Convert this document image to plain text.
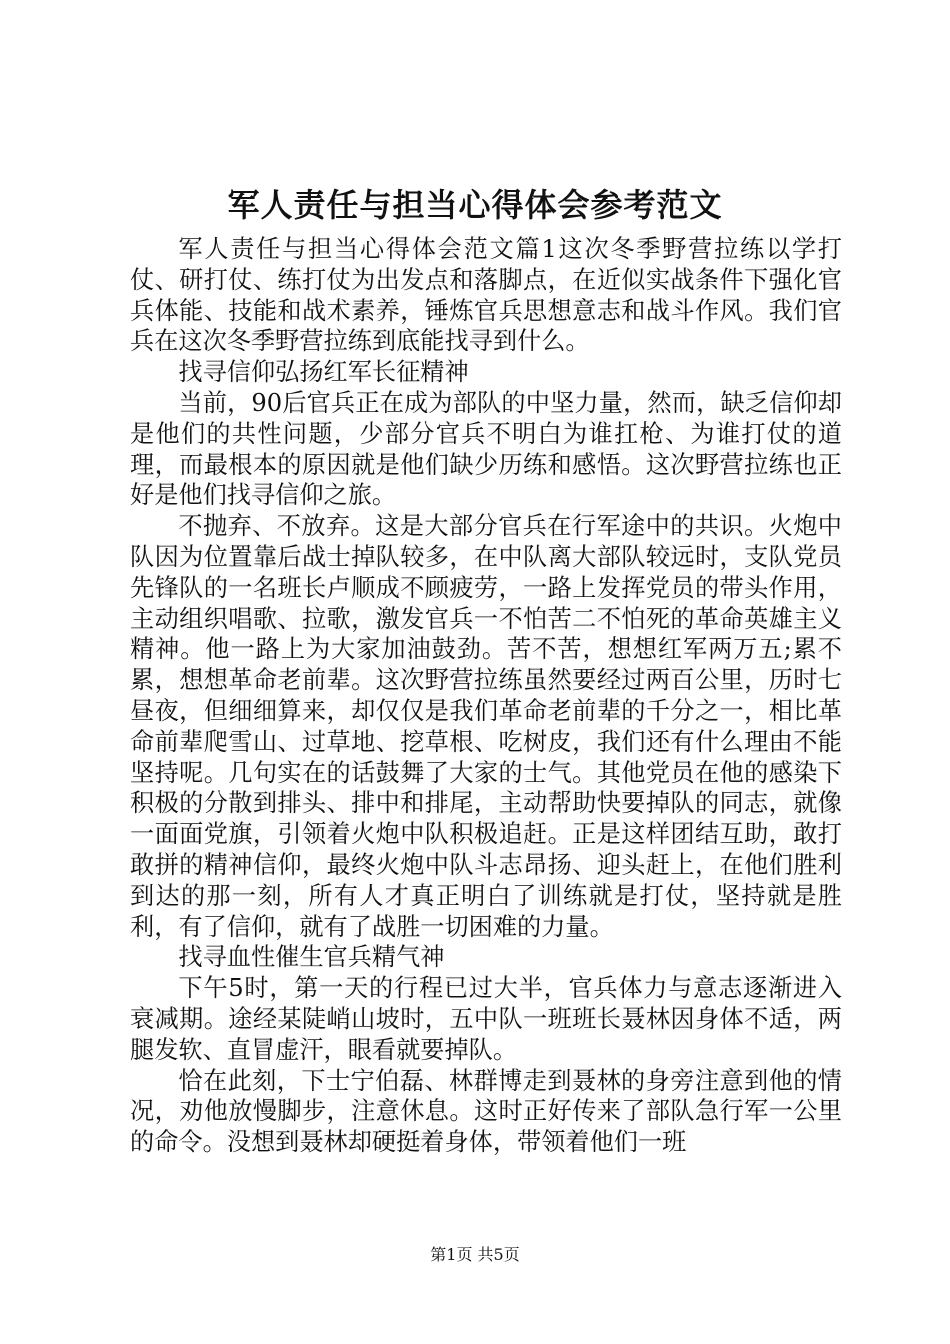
军人责任与担当心得体会参考范文

军人责任与担当心得体会范文篇1这次冬季野营拉练以学打仗、研打仗、练打仗为出发点和落脚点，在近似实战条件下强化官兵体能、技能和战术素养，锤炼官兵思想意志和战斗作风。我们官兵在这次冬季野营拉练到底能找寻到什么。

找寻信仰弘扬红军长征精神

当前，90后官兵正在成为部队的中坚力量，然而，缺乏信仰却是他们的共性问题，少部分官兵不明白为谁扛枪、为谁打仗的道理，而最根本的原因就是他们缺少历练和感悟。这次野营拉练也正好是他们找寻信仰之旅。

不抛弃、不放弃。这是大部分官兵在行军途中的共识。火炮中队因为位置靠后战士掉队较多，在中队离大部队较远时，支队党员先锋队的一名班长卢顺成不顾疲劳，一路上发挥党员的带头作用，主动组织唱歌、拉歌，激发官兵一不怕苦二不怕死的革命英雄主义精神。他一路上为大家加油鼓劲。苦不苦，想想红军两万五;累不累，想想革命老前辈。这次野营拉练虽然要经过两百公里，历时七昼夜，但细细算来，却仅仅是我们革命老前辈的千分之一，相比革命前辈爬雪山、过草地、挖草根、吃树皮，我们还有什么理由不能坚持呢。几句实在的话鼓舞了大家的士气。其他党员在他的感染下积极的分散到排头、排中和排尾，主动帮助快要掉队的同志，就像一面面党旗，引领着火炮中队积极追赶。正是这样团结互助，敢打敢拼的精神信仰，最终火炮中队斗志昂扬、迎头赶上，在他们胜利到达的那一刻，所有人才真正明白了训练就是打仗，坚持就是胜利，有了信仰，就有了战胜一切困难的力量。

找寻血性催生官兵精气神

下午5时，第一天的行程已过大半，官兵体力与意志逐渐进入衰减期。途经某陡峭山坡时，五中队一班班长聂林因身体不适，两腿发软、直冒虚汗，眼看就要掉队。

恰在此刻，下士宁伯磊、林群博走到聂林的身旁注意到他的情况，劝他放慢脚步，注意休息。这时正好传来了部队急行军一公里的命令。没想到聂林却硬挺着身体，带领着他们一班

第1页 共5页
